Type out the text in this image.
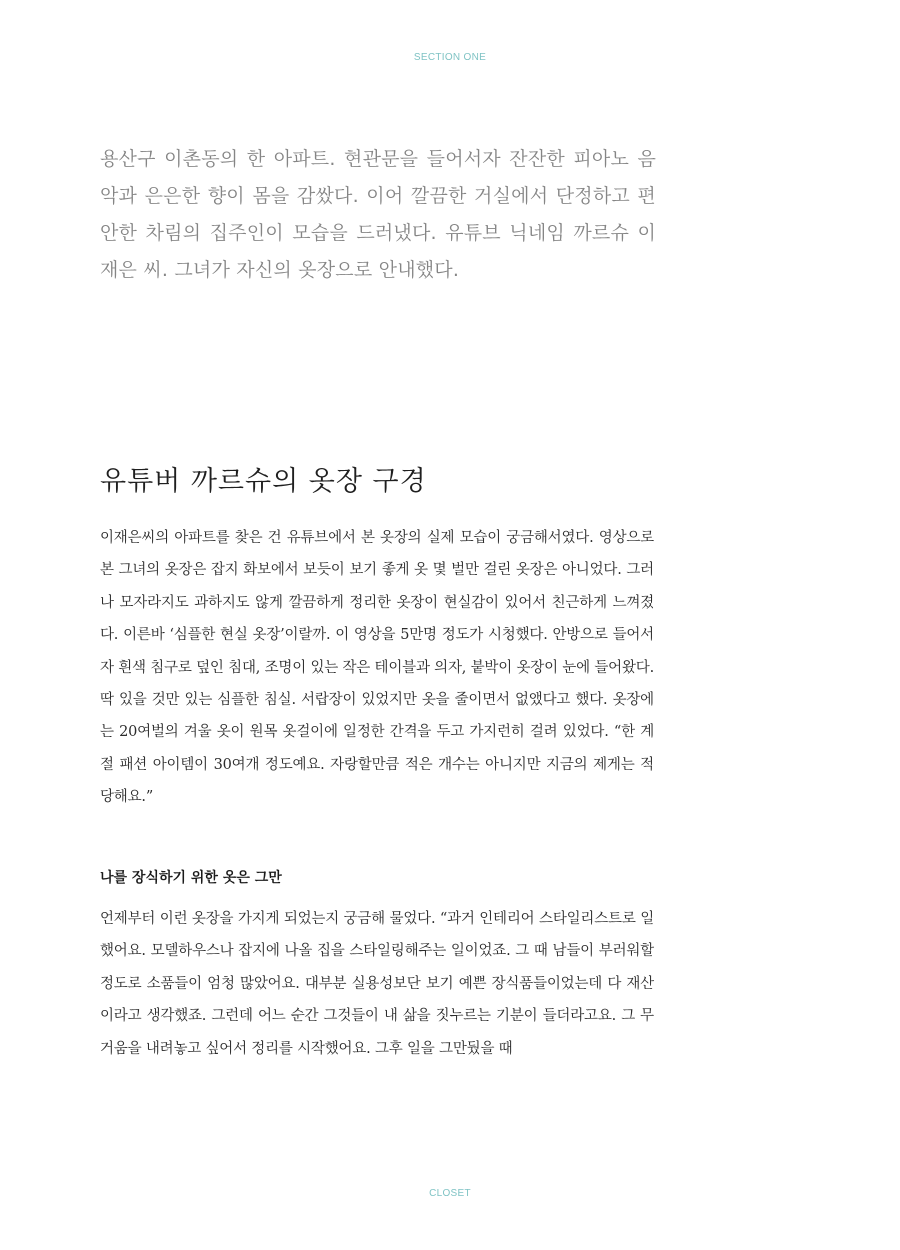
SECTION ONE

용산구 이촌동의 한 아파트. 현관문을 들어서자 잔잔한 피아노 음악과 은은한 향이 몸을 감쌌다. 이어 깔끔한 거실에서 단정하고 편안한 차림의 집주인이 모습을 드러냈다. 유튜브 닉네임 까르슈 이재은 씨. 그녀가 자신의 옷장으로 안내했다.

유튜버 까르슈의 옷장 구경

이재은씨의 아파트를 찾은 건 유튜브에서 본 옷장의 실제 모습이 궁금해서였다. 영상으로 본 그녀의 옷장은 잡지 화보에서 보듯이 보기 좋게 옷 몇 벌만 걸린 옷장은 아니었다. 그러나 모자라지도 과하지도 않게 깔끔하게 정리한 옷장이 현실감이 있어서 친근하게 느껴졌다. 이른바 ‘심플한 현실 옷장’이랄까. 이 영상을 5만명 정도가 시청했다. 안방으로 들어서자 흰색 침구로 덮인 침대, 조명이 있는 작은 테이블과 의자, 붙박이 옷장이 눈에 들어왔다. 딱 있을 것만 있는 심플한 침실. 서랍장이 있었지만 옷을 줄이면서 없앴다고 했다. 옷장에는 20여벌의 겨울 옷이 원목 옷걸이에 일정한 간격을 두고 가지런히 걸려 있었다. “한 계절 패션 아이템이 30여개 정도예요. 자랑할만큼 적은 개수는 아니지만 지금의 제게는 적당해요.”

나를 장식하기 위한 옷은 그만

언제부터 이런 옷장을 가지게 되었는지 궁금해 물었다. “과거 인테리어 스타일리스트로 일했어요. 모델하우스나 잡지에 나올 집을 스타일링해주는 일이었죠. 그 때 남들이 부러워할 정도로 소품들이 엄청 많았어요. 대부분 실용성보단 보기 예쁜 장식품들이었는데 다 재산이라고 생각했죠. 그런데 어느 순간 그것들이 내 삶을 짓누르는 기분이 들더라고요. 그 무거움을 내려놓고 싶어서 정리를 시작했어요. 그후 일을 그만뒀을 때

CLOSET
